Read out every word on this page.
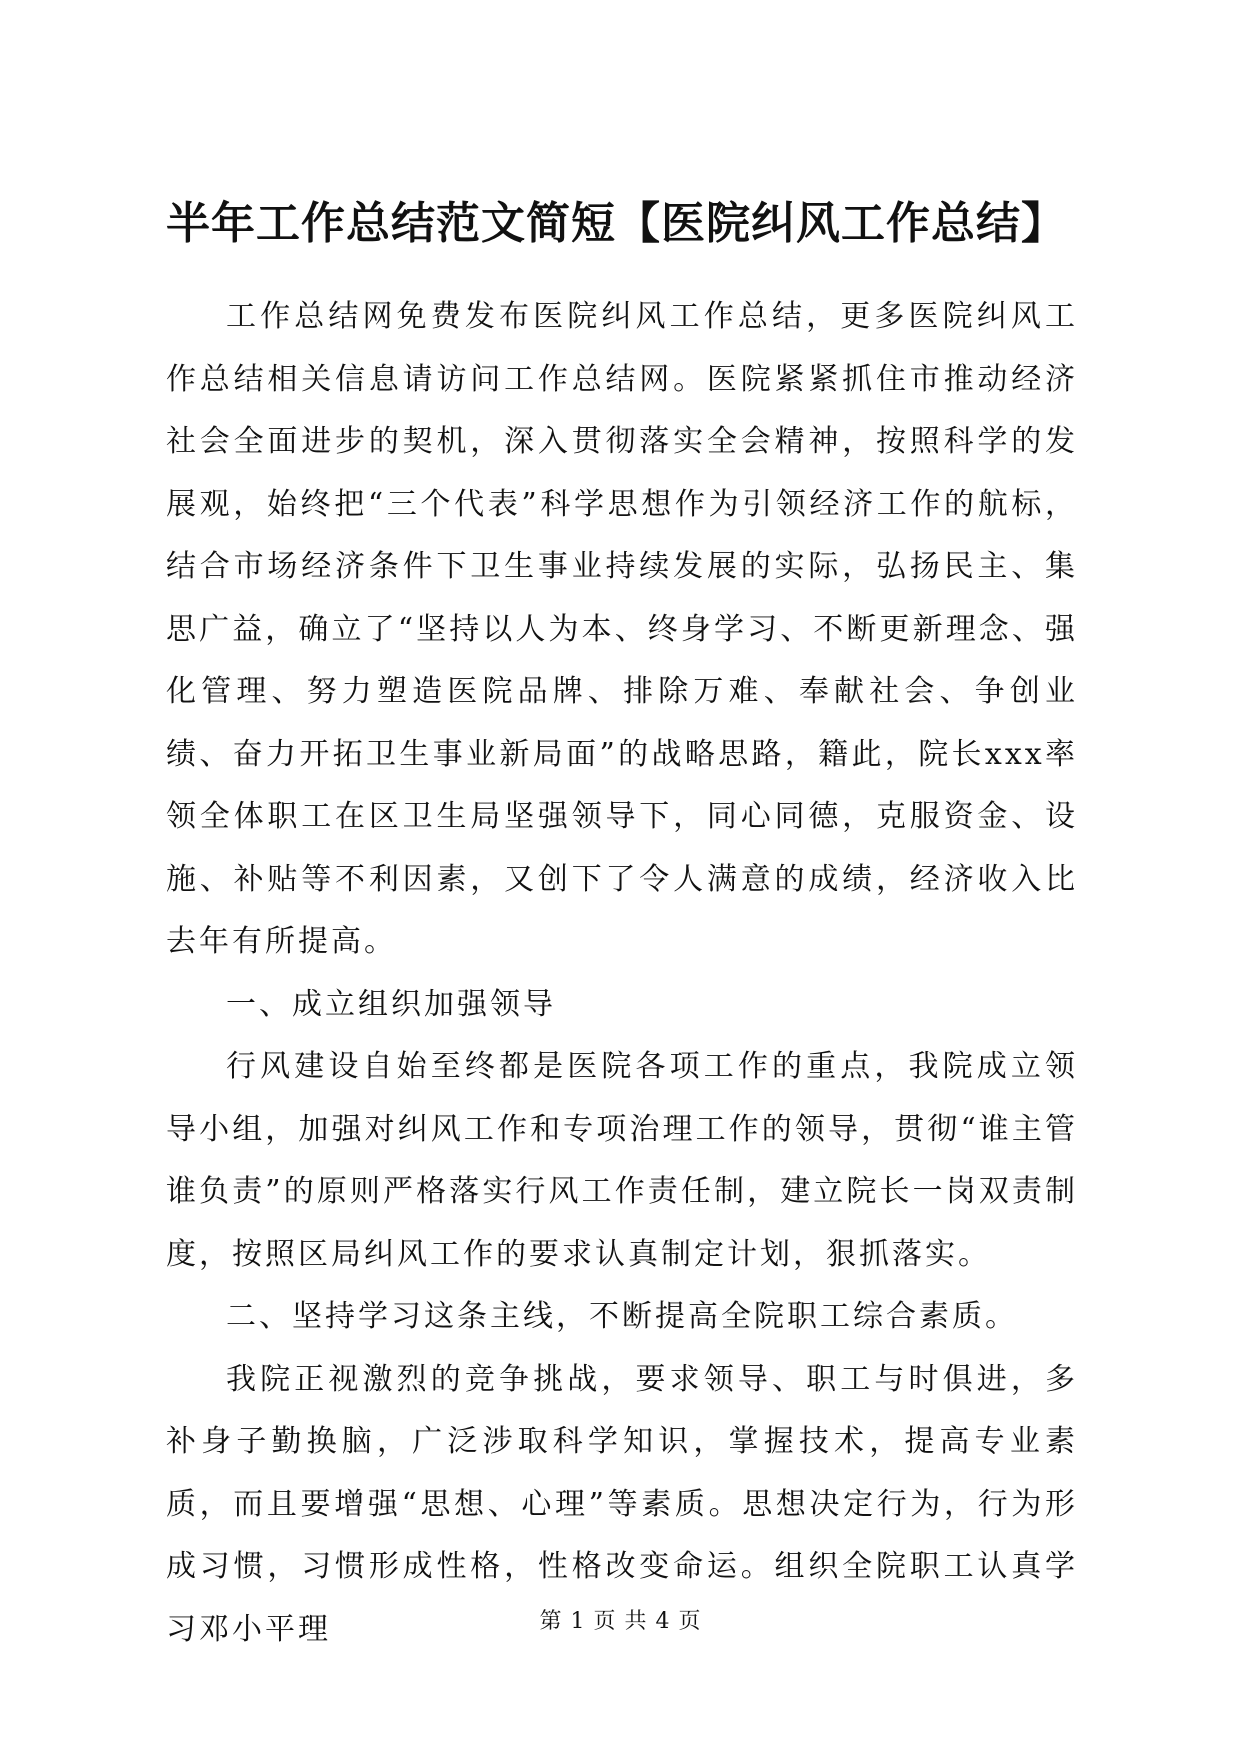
半年工作总结范文简短【医院纠风工作总结】

工作总结网免费发布医院纠风工作总结，更多医院纠风工作总结相关信息请访问工作总结网。医院紧紧抓住市推动经济社会全面进步的契机，深入贯彻落实全会精神，按照科学的发展观，始终把“三个代表”科学思想作为引领经济工作的航标，结合市场经济条件下卫生事业持续发展的实际，弘扬民主、集思广益，确立了“坚持以人为本、终身学习、不断更新理念、强化管理、努力塑造医院品牌、排除万难、奉献社会、争创业绩、奋力开拓卫生事业新局面”的战略思路，籍此，院长xxx率领全体职工在区卫生局坚强领导下，同心同德，克服资金、设施、补贴等不利因素，又创下了令人满意的成绩，经济收入比去年有所提高。

一、成立组织加强领导

行风建设自始至终都是医院各项工作的重点，我院成立领导小组，加强对纠风工作和专项治理工作的领导，贯彻“谁主管谁负责”的原则严格落实行风工作责任制，建立院长一岗双责制度，按照区局纠风工作的要求认真制定计划，狠抓落实。

二、坚持学习这条主线，不断提高全院职工综合素质。

我院正视激烈的竞争挑战，要求领导、职工与时俱进，多补身子勤换脑，广泛涉取科学知识，掌握技术，提高专业素质，而且要增强“思想、心理”等素质。思想决定行为，行为形成习惯，习惯形成性格，性格改变命运。组织全院职工认真学习邓小平理	第 1 页 共 4 页
